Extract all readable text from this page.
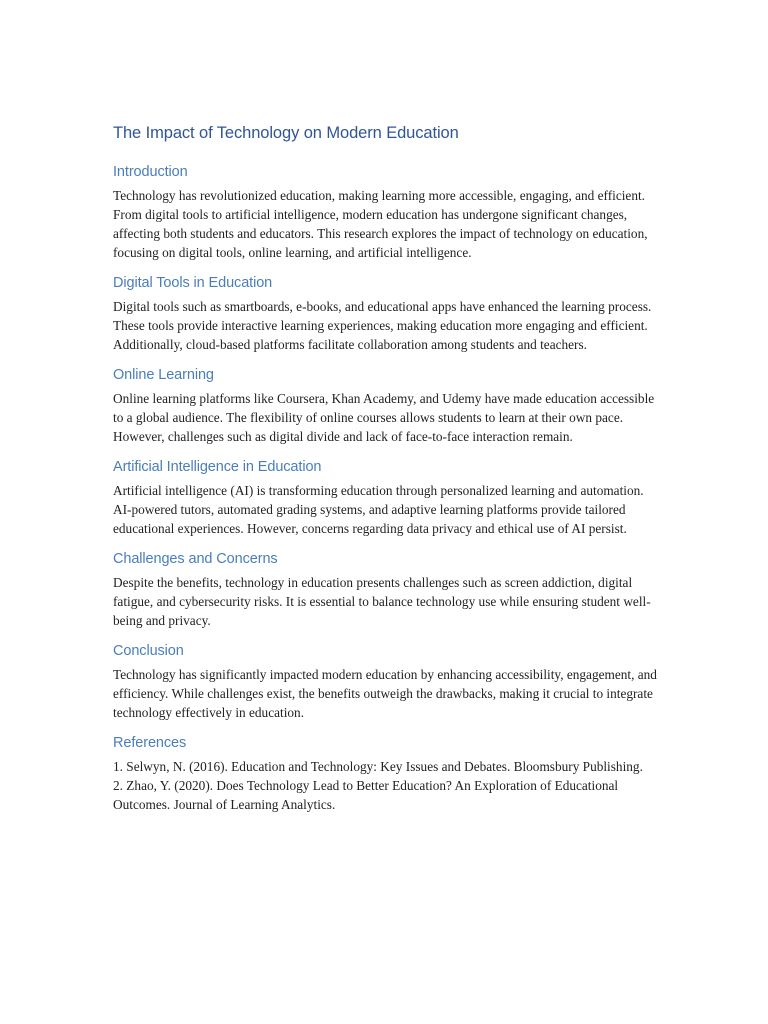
The Impact of Technology on Modern Education
Introduction

Technology has revolutionized education, making learning more accessible, engaging, and efficient. From digital tools to artificial intelligence, modern education has undergone significant changes, affecting both students and educators. This research explores the impact of technology on education, focusing on digital tools, online learning, and artificial intelligence.

Digital Tools in Education

Digital tools such as smartboards, e-books, and educational apps have enhanced the learning process. These tools provide interactive learning experiences, making education more engaging and efficient. Additionally, cloud-based platforms facilitate collaboration among students and teachers.

Online Learning

Online learning platforms like Coursera, Khan Academy, and Udemy have made education accessible to a global audience. The flexibility of online courses allows students to learn at their own pace. However, challenges such as digital divide and lack of face-to-face interaction remain.

Artificial Intelligence in Education

Artificial intelligence (AI) is transforming education through personalized learning and automation. AI-powered tutors, automated grading systems, and adaptive learning platforms provide tailored educational experiences. However, concerns regarding data privacy and ethical use of AI persist.

Challenges and Concerns

Despite the benefits, technology in education presents challenges such as screen addiction, digital fatigue, and cybersecurity risks. It is essential to balance technology use while ensuring student well-being and privacy.

Conclusion

Technology has significantly impacted modern education by enhancing accessibility, engagement, and efficiency. While challenges exist, the benefits outweigh the drawbacks, making it crucial to integrate technology effectively in education.

References

1. Selwyn, N. (2016). Education and Technology: Key Issues and Debates. Bloomsbury Publishing.

2. Zhao, Y. (2020). Does Technology Lead to Better Education? An Exploration of Educational Outcomes. Journal of Learning Analytics.
